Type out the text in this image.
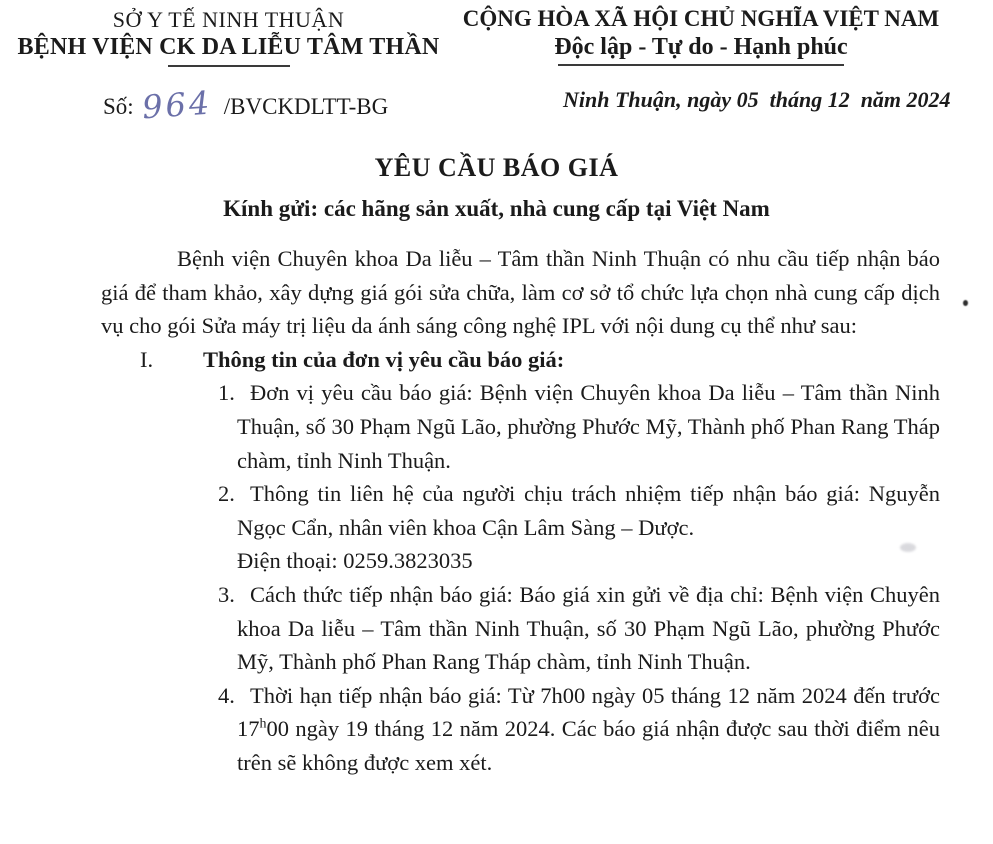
SỞ Y TẾ NINH THUẬN
BỆNH VIỆN CK DA LIỄU TÂM THẦN
CỘNG HÒA XÃ HỘI CHỦ NGHĨA VIỆT NAM
Độc lập - Tự do - Hạnh phúc
Số: 964 /BVCKDLTT-BG	Ninh Thuận, ngày 05  tháng 12  năm 2024
YÊU CẦU BÁO GIÁ
Kính gửi: các hãng sản xuất, nhà cung cấp tại Việt Nam

Bệnh viện Chuyên khoa Da liễu – Tâm thần Ninh Thuận có nhu cầu tiếp nhận báo giá để tham khảo, xây dựng giá gói sửa chữa, làm cơ sở tổ chức lựa chọn nhà cung cấp dịch vụ cho gói Sửa máy trị liệu da ánh sáng công nghệ IPL với nội dung cụ thể như sau:

I.	Thông tin của đơn vị yêu cầu báo giá:
1. Đơn vị yêu cầu báo giá: Bệnh viện Chuyên khoa Da liễu – Tâm thần Ninh Thuận, số 30 Phạm Ngũ Lão, phường Phước Mỹ, Thành phố Phan Rang Tháp chàm, tỉnh Ninh Thuận.
2. Thông tin liên hệ của người chịu trách nhiệm tiếp nhận báo giá: Nguyễn Ngọc Cẩn, nhân viên khoa Cận Lâm Sàng – Dược.
Điện thoại: 0259.3823035
3. Cách thức tiếp nhận báo giá: Báo giá xin gửi về địa chỉ: Bệnh viện Chuyên khoa Da liễu – Tâm thần Ninh Thuận, số 30 Phạm Ngũ Lão, phường Phước Mỹ, Thành phố Phan Rang Tháp chàm, tỉnh Ninh Thuận.
4. Thời hạn tiếp nhận báo giá: Từ 7h00 ngày 05 tháng 12 năm 2024 đến trước 17$^h$00 ngày 19 tháng 12 năm 2024. Các báo giá nhận được sau thời điểm nêu trên sẽ không được xem xét.
